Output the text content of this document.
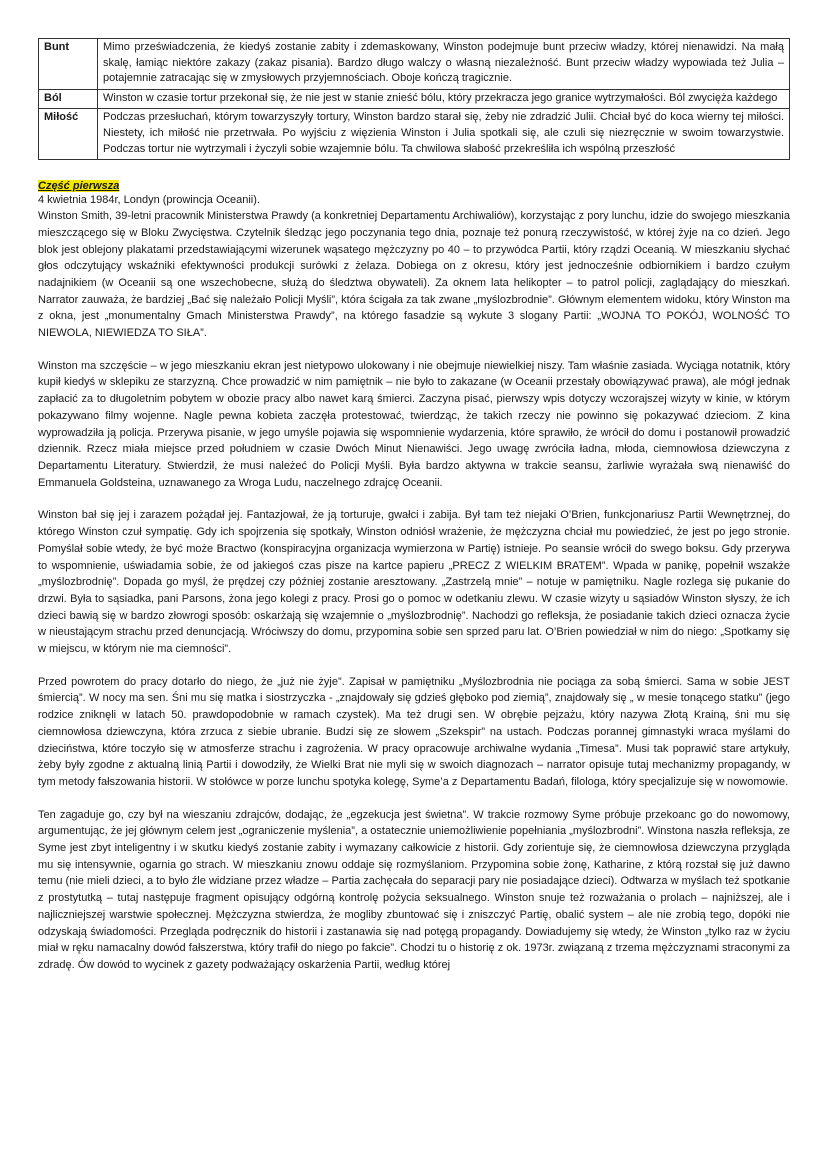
Bunt	Mimo przeświadczenia, że kiedyś zostanie zabity i zdemaskowany, Winston podejmuje bunt przeciw władzy, której nienawidzi. Na małą skalę, łamiąc niektóre zakazy (zakaz pisania). Bardzo długo walczy o własną niezależność. Bunt przeciw władzy wypowiada też Julia – potajemnie zatracając się w zmysłowych przyjemnościach. Oboje kończą tragicznie.
Ból	Winston w czasie tortur przekonał się, że nie jest w stanie znieść bólu, który przekracza jego granice wytrzymałości. Ból zwycięża każdego
Miłość	Podczas przesłuchań, którym towarzyszyły tortury, Winston bardzo starał się, żeby nie zdradzić Julii. Chciał być do koca wierny tej miłości. Niestety, ich miłość nie przetrwała. Po wyjściu z więzienia Winston i Julia spotkali się, ale czuli się niezręcznie w swoim towarzystwie. Podczas tortur nie wytrzymali i życzyli sobie wzajemnie bólu. Ta chwilowa słabość przekreśliła ich wspólną przeszłość
Część pierwsza
4 kwietnia 1984r, Londyn (prowincja Oceanii).

Winston Smith, 39-letni pracownik Ministerstwa Prawdy (a konkretniej Departamentu Archiwaliów), korzystając z pory lunchu, idzie do swojego mieszkania mieszczącego się w Bloku Zwycięstwa. Czytelnik śledząc jego poczynania tego dnia, poznaje też ponurą rzeczywistość, w której żyje na co dzień. Jego blok jest oblejony plakatami przedstawiającymi wizerunek wąsatego mężczyzny po 40 – to przywódca Partii, który rządzi Oceanią. W mieszkaniu słychać głos odczytujący wskaźniki efektywności produkcji surówki z żelaza. Dobiega on z okresu, który jest jednocześnie odbiornikiem i bardzo czułym nadajnikiem (w Oceanii są one wszechobecne, służą do śledztwa obywateli). Za oknem lata helikopter – to patrol policji, zaglądający do mieszkań. Narrator zauważa, że bardziej „Bać się należało Policji Myśli”, która ścigała za tak zwane „myślozbrodnie”. Głównym elementem widoku, który Winston ma z okna, jest „monumentalny Gmach Ministerstwa Prawdy”, na którego fasadzie są wykute 3 slogany Partii: „WOJNA TO POKÓJ, WOLNOŚĆ TO NIEWOLA, NIEWIEDZA TO SIŁA”.

Winston ma szczęście – w jego mieszkaniu ekran jest nietypowo ulokowany i nie obejmuje niewielkiej niszy. Tam właśnie zasiada. Wyciąga notatnik, który kupił kiedyś w sklepiku ze starzyzną. Chce prowadzić w nim pamiętnik – nie było to zakazane (w Oceanii przestały obowiązywać prawa), ale mógł jednak zapłacić za to długoletnim pobytem w obozie pracy albo nawet karą śmierci. Zaczyna pisać, pierwszy wpis dotyczy wczorajszej wizyty w kinie, w którym pokazywano filmy wojenne. Nagle pewna kobieta zaczęła protestować, twierdząc, że takich rzeczy nie powinno się pokazywać dzieciom. Z kina wyprowadziła ją policja. Przerywa pisanie, w jego umyśle pojawia się wspomnienie wydarzenia, które sprawiło, że wrócił do domu i postanowił prowadzić dziennik. Rzecz miała miejsce przed południem w czasie Dwóch Minut Nienawiści. Jego uwagę zwróciła ładna, młoda, ciemnowłosa dziewczyna z Departamentu Literatury. Stwierdził, że musi należeć do Policji Myśli. Była bardzo aktywna w trakcie seansu, żarliwie wyrażała swą nienawiść do Emmanuela Goldsteina, uznawanego za Wroga Ludu, naczelnego zdrajcę Oceanii.

Winston bał się jej i zarazem pożądał jej. Fantazjował, że ją torturuje, gwałci i zabija. Był tam też niejaki O’Brien, funkcjonariusz Partii Wewnętrznej, do którego Winston czuł sympatię. Gdy ich spojrzenia się spotkały, Winston odniósł wrażenie, że mężczyzna chciał mu powiedzieć, że jest po jego stronie. Pomyślał sobie wtedy, że być może Bractwo (konspiracyjna organizacja wymierzona w Partię) istnieje. Po seansie wrócił do swego boksu. Gdy przerywa to wspomnienie, uświadamia sobie, że od jakiegoś czas pisze na kartce papieru „PRECZ Z WIELKIM BRATEM”. Wpada w panikę, popełnił wszakże „myślozbrodnię”. Dopada go myśl, że prędzej czy później zostanie aresztowany. „Zastrzelą mnie” – notuje w pamiętniku. Nagle rozlega się pukanie do drzwi. Była to sąsiadka, pani Parsons, żona jego kolegi z pracy. Prosi go o pomoc w odetkaniu zlewu. W czasie wizyty u sąsiadów Winston słyszy, że ich dzieci bawią się w bardzo złowrogi sposób: oskarżają się wzajemnie o „myślozbrodnię”. Nachodzi go refleksja, że posiadanie takich dzieci oznacza życie w nieustającym strachu przed denuncjacją. Wróciwszy do domu, przypomina sobie sen sprzed paru lat. O’Brien powiedział w nim do niego: „Spotkamy się w miejscu, w którym nie ma ciemności”.

Przed powrotem do pracy dotarło do niego, że „już nie żyje”. Zapisał w pamiętniku „Myślozbrodnia nie pociąga za sobą śmierci. Sama w sobie JEST śmiercią”. W nocy ma sen. Śni mu się matka i siostrzyczka - „znajdowały się gdzieś głęboko pod ziemią”, znajdowały się „ w mesie tonącego statku” (jego rodzice zniknęli w latach 50. prawdopodobnie w ramach czystek). Ma też drugi sen. W obrębie pejzażu, który nazywa Złotą Krainą, śni mu się ciemnowłosa dziewczyna, która zrzuca z siebie ubranie. Budzi się ze słowem „Szekspir” na ustach. Podczas porannej gimnastyki wraca myślami do dzieciństwa, które toczyło się w atmosferze strachu i zagrożenia. W pracy opracowuje archiwalne wydania „Timesa”. Musi tak poprawić stare artykuły, żeby były zgodne z aktualną linią Partii i dowodziły, że Wielki Brat nie myli się w swoich diagnozach – narrator opisuje tutaj mechanizmy propagandy, w tym metody fałszowania historii. W stołówce w porze lunchu spotyka kolegę, Syme’a z Departamentu Badań, filologa, który specjalizuje się w nowomowie.

Ten zagaduje go, czy był na wieszaniu zdrajców, dodając, że „egzekucja jest świetna”. W trakcie rozmowy Syme próbuje przekoanc go do nowomowy, argumentując, że jej głównym celem jest „ograniczenie myślenia”, a ostatecznie uniemożliwienie popełniania „myślozbrodni”. Winstona naszła refleksja, ze Syme jest zbyt inteligentny i w skutku kiedyś zostanie zabity i wymazany całkowicie z historii. Gdy zorientuje się, że ciemnowłosa dziewczyna przygląda mu się intensywnie, ogarnia go strach. W mieszkaniu znowu oddaje się rozmyślaniom. Przypomina sobie żonę, Katharine, z którą rozstał się już dawno temu (nie mieli dzieci, a to było źle widziane przez władze – Partia zachęcała do separacji pary nie posiadające dzieci). Odtwarza w myślach też spotkanie z prostytutką – tutaj następuje fragment opisujący odgórną kontrolę pożycia seksualnego. Winston snuje też rozważania o prolach – najniższej, ale i najliczniejszej warstwie społecznej. Mężczyzna stwierdza, że mogliby zbuntować się i zniszczyć Partię, obalić system – ale nie zrobią tego, dopóki nie odzyskają świadomości. Przegląda podręcznik do historii i zastanawia się nad potęgą propagandy. Dowiadujemy się wtedy, że Winston „tylko raz w życiu miał w ręku namacalny dowód fałszerstwa, który trafił do niego po fakcie”. Chodzi tu o historię z ok. 1973r. związaną z trzema mężczyznami straconymi za zdradę. Ów dowód to wycinek z gazety podważający oskarżenia Partii, według której
